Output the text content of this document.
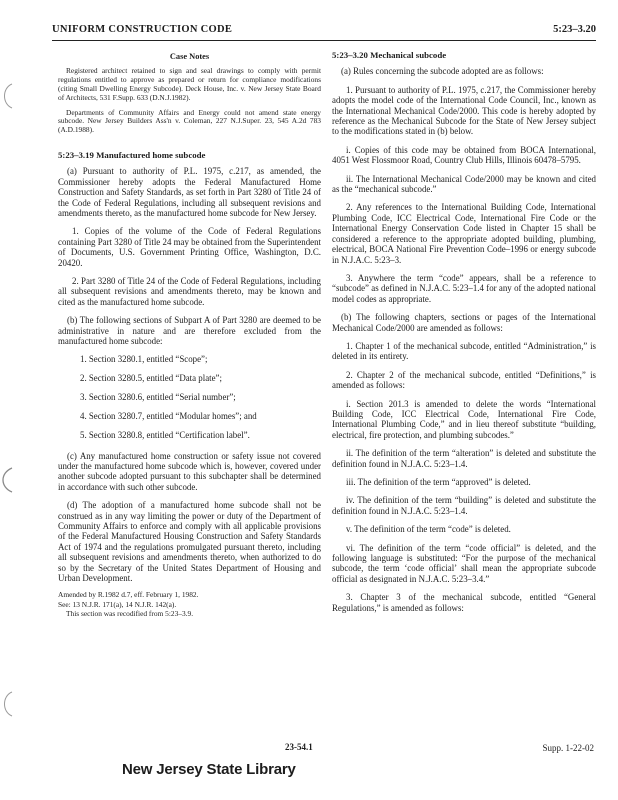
UNIFORM CONSTRUCTION CODE	5:23–3.20
Case Notes

Registered architect retained to sign and seal drawings to comply with permit regulations entitled to approve as prepared or return for compliance modifications (citing Small Dwelling Energy Subcode). Deck House, Inc. v. New Jersey State Board of Architects, 531 F.Supp. 633 (D.N.J.1982).

Departments of Community Affairs and Energy could not amend state energy subcode. New Jersey Builders Ass'n v. Coleman, 227 N.J.Super. 23, 545 A.2d 783 (A.D.1988).

5:23–3.19 Manufactured home subcode

(a) Pursuant to authority of P.L. 1975, c.217, as amended, the Commissioner hereby adopts the Federal Manufactured Home Construction and Safety Standards, as set forth in Part 3280 of Title 24 of the Code of Federal Regulations, including all subsequent revisions and amendments thereto, as the manufactured home subcode for New Jersey.

1. Copies of the volume of the Code of Federal Regulations containing Part 3280 of Title 24 may be obtained from the Superintendent of Documents, U.S. Government Printing Office, Washington, D.C. 20420.

2. Part 3280 of Title 24 of the Code of Federal Regulations, including all subsequent revisions and amendments thereto, may be known and cited as the manufactured home subcode.

(b) The following sections of Subpart A of Part 3280 are deemed to be administrative in nature and are therefore excluded from the manufactured home subcode:

1. Section 3280.1, entitled “Scope”;
2. Section 3280.5, entitled “Data plate”;
3. Section 3280.6, entitled “Serial number”;
4. Section 3280.7, entitled “Modular homes”; and
5. Section 3280.8, entitled “Certification label”.

(c) Any manufactured home construction or safety issue not covered under the manufactured home subcode which is, however, covered under another subcode adopted pursuant to this subchapter shall be determined in accordance with such other subcode.

(d) The adoption of a manufactured home subcode shall not be construed as in any way limiting the power or duty of the Department of Community Affairs to enforce and comply with all applicable provisions of the Federal Manufactured Housing Construction and Safety Standards Act of 1974 and the regulations promulgated pursuant thereto, including all subsequent revisions and amendments thereto, when authorized to do so by the Secretary of the United States Department of Housing and Urban Development.

Amended by R.1982 d.7, eff. February 1, 1982.
See: 13 N.J.R. 171(a), 14 N.J.R. 142(a).
This section was recodified from 5:23–3.9.
5:23–3.20 Mechanical subcode

(a) Rules concerning the subcode adopted are as follows:

1. Pursuant to authority of P.L. 1975, c.217, the Commissioner hereby adopts the model code of the International Code Council, Inc., known as the International Mechanical Code/2000. This code is hereby adopted by reference as the Mechanical Subcode for the State of New Jersey subject to the modifications stated in (b) below.

i. Copies of this code may be obtained from BOCA International, 4051 West Flossmoor Road, Country Club Hills, Illinois 60478–5795.

ii. The International Mechanical Code/2000 may be known and cited as the “mechanical subcode.”

2. Any references to the International Building Code, International Plumbing Code, ICC Electrical Code, International Fire Code or the International Energy Conservation Code listed in Chapter 15 shall be considered a reference to the appropriate adopted building, plumbing, electrical, BOCA National Fire Prevention Code–1996 or energy subcode in N.J.A.C. 5:23–3.

3. Anywhere the term “code” appears, shall be a reference to “subcode” as defined in N.J.A.C. 5:23–1.4 for any of the adopted national model codes as appropriate.

(b) The following chapters, sections or pages of the International Mechanical Code/2000 are amended as follows:

1. Chapter 1 of the mechanical subcode, entitled “Administration,” is deleted in its entirety.

2. Chapter 2 of the mechanical subcode, entitled “Definitions,” is amended as follows:

i. Section 201.3 is amended to delete the words “International Building Code, ICC Electrical Code, International Fire Code, International Plumbing Code,” and in lieu thereof substitute “building, electrical, fire protection, and plumbing subcodes.”

ii. The definition of the term “alteration” is deleted and substitute the definition found in N.J.A.C. 5:23–1.4.

iii. The definition of the term “approved” is deleted.

iv. The definition of the term “building” is deleted and substitute the definition found in N.J.A.C. 5:23–1.4.

v. The definition of the term “code” is deleted.

vi. The definition of the term “code official” is deleted, and the following language is substituted: “For the purpose of the mechanical subcode, the term ‘code official’ shall mean the appropriate subcode official as designated in N.J.A.C. 5:23–3.4.”

3. Chapter 3 of the mechanical subcode, entitled “General Regulations,” is amended as follows:

23-54.1	Supp. 1-22-02
New Jersey State Library
